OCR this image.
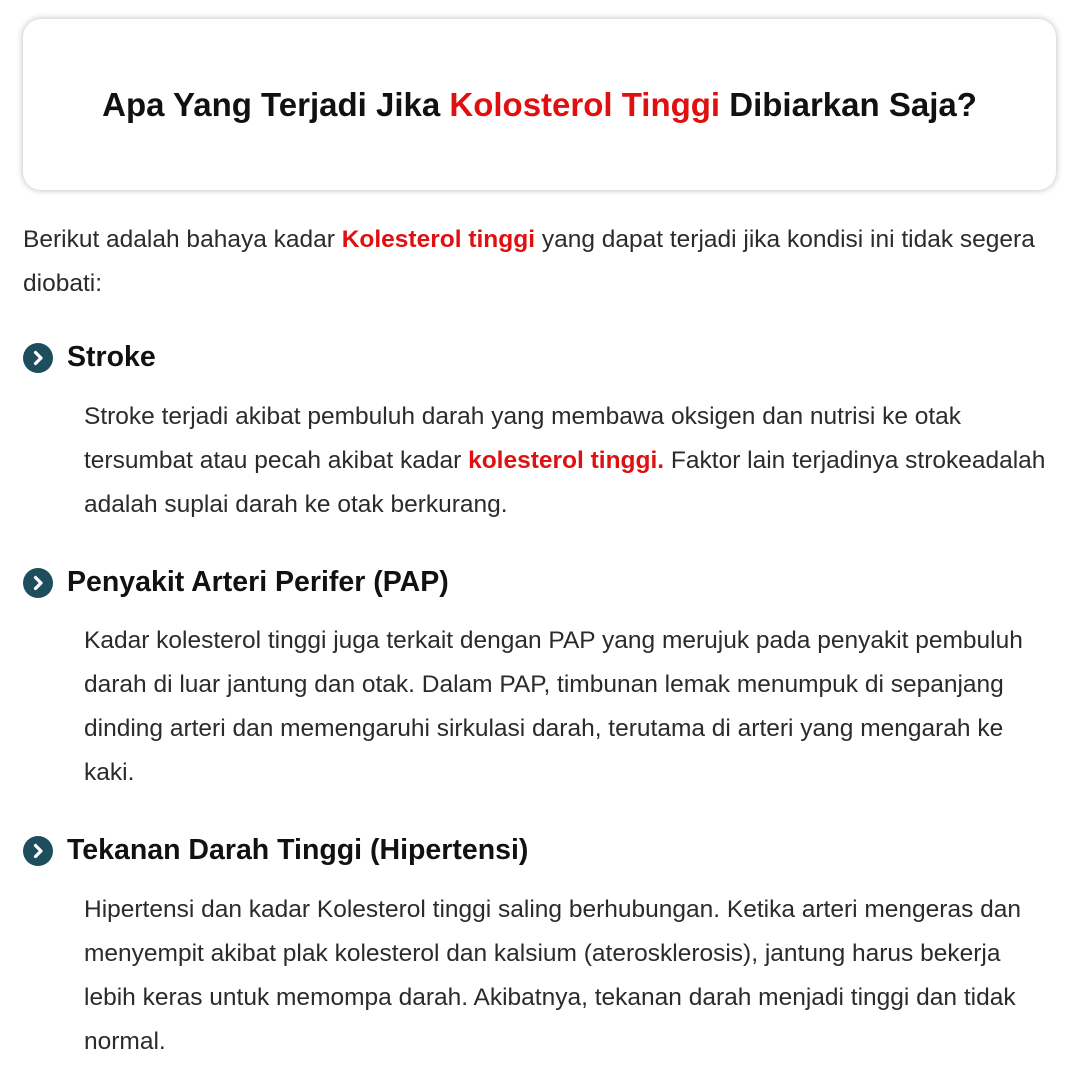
Apa Yang Terjadi Jika Kolosterol Tinggi Dibiarkan Saja?

Berikut adalah bahaya kadar Kolesterol tinggi yang dapat terjadi jika kondisi ini tidak segera diobati:

Stroke

Stroke terjadi akibat pembuluh darah yang membawa oksigen dan nutrisi ke otak tersumbat atau pecah akibat kadar kolesterol tinggi. Faktor lain terjadinya strokeadalah adalah suplai darah ke otak berkurang.

Penyakit Arteri Perifer (PAP)

Kadar kolesterol tinggi juga terkait dengan PAP yang merujuk pada penyakit pembuluh darah di luar jantung dan otak. Dalam PAP, timbunan lemak menumpuk di sepanjang dinding arteri dan memengaruhi sirkulasi darah, terutama di arteri yang mengarah ke kaki.

Tekanan Darah Tinggi (Hipertensi)

Hipertensi dan kadar Kolesterol tinggi saling berhubungan. Ketika arteri mengeras dan menyempit akibat plak kolesterol dan kalsium (aterosklerosis), jantung harus bekerja lebih keras untuk memompa darah. Akibatnya, tekanan darah menjadi tinggi dan tidak normal.
